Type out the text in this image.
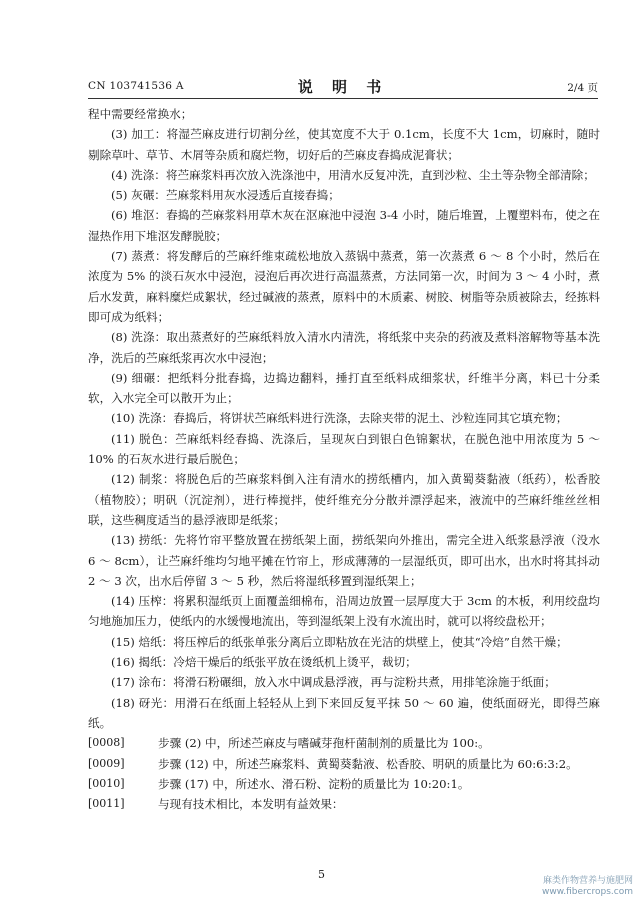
CN 103741536 A	说 明 书	2/4 页

程中需要经常换水；

(3) 加工：将湿苎麻皮进行切割分丝，使其宽度不大于 0.1cm，长度不大 1cm，切麻时，随时剔除草叶、草节、木屑等杂质和腐烂物，切好后的苎麻皮舂捣成泥膏状；

(4) 洗涤：将苎麻浆料再次放入洗涤池中，用清水反复冲洗，直到沙粒、尘土等杂物全部清除；

(5) 灰碾：苎麻浆料用灰水浸透后直接舂捣；

(6) 堆沤：舂捣的苎麻浆料用草木灰在沤麻池中浸泡 3-4 小时，随后堆置，上覆塑料布，使之在湿热作用下堆沤发酵脱胶；

(7) 蒸煮：将发酵后的苎麻纤维束疏松地放入蒸锅中蒸煮，第一次蒸煮 6 ～ 8 个小时，然后在浓度为 5% 的淡石灰水中浸泡，浸泡后再次进行高温蒸煮，方法同第一次，时间为 3 ～ 4 小时，煮后水发黄，麻料糜烂成絮状，经过碱液的蒸煮，原料中的木质素、树胶、树脂等杂质被除去，经拣料即可成为纸料；

(8) 洗涤：取出蒸煮好的苎麻纸料放入清水内清洗，将纸浆中夹杂的药液及煮料溶解物等基本洗净，洗后的苎麻纸浆再次水中浸泡；

(9) 细碾：把纸料分批舂捣，边捣边翻料，捶打直至纸料成细浆状，纤维半分离，料已十分柔软，入水完全可以散开为止；

(10) 洗涤：舂捣后，将饼状苎麻纸料进行洗涤，去除夹带的泥土、沙粒连同其它填充物；

(11) 脱色：苎麻纸料经舂捣、洗涤后，呈现灰白到银白色锦絮状，在脱色池中用浓度为 5 ～ 10% 的石灰水进行最后脱色；

(12) 制浆：将脱色后的苎麻浆料倒入注有清水的捞纸槽内，加入黄蜀葵黏液（纸药），松香胶（植物胶）；明矾（沉淀剂），进行棒搅拌，使纤维充分分散并漂浮起来，液流中的苎麻纤维丝丝相联，这些稠度适当的悬浮液即是纸浆；

(13) 捞纸：先将竹帘平整放置在捞纸架上面，捞纸架向外推出，需完全进入纸浆悬浮液（没水 6 ～ 8cm），让苎麻纤维均匀地平摊在竹帘上，形成薄薄的一层湿纸页，即可出水，出水时将其抖动 2 ～ 3 次，出水后停留 3 ～ 5 秒，然后将湿纸移置到湿纸架上；

(14) 压榨：将累积湿纸页上面覆盖细棉布，沿周边放置一层厚度大于 3cm 的木板，利用绞盘均匀地施加压力，使纸内的水缓慢地流出，等到湿纸架上没有水流出时，就可以将绞盘松开；

(15) 焙纸：将压榨后的纸张单张分离后立即粘放在光洁的烘壁上，使其“冷焙”自然干燥；

(16) 揭纸：冷焙干燥后的纸张平放在烫纸机上烫平，裁切；

(17) 涂布：将滑石粉碾细，放入水中调成悬浮液，再与淀粉共煮，用排笔涂施于纸面；

(18) 砑光：用滑石在纸面上轻轻从上到下来回反复平抹 50 ～ 60 遍，使纸面砑光，即得苎麻纸。

[0008]	步骤 (2) 中，所述苎麻皮与嗜碱芽孢杆菌制剂的质量比为 100:。
[0009]	步骤 (12) 中，所述苎麻浆料、黄蜀葵黏液、松香胶、明矾的质量比为 60:6:3:2。
[0010]	步骤 (17) 中，所述水、滑石粉、淀粉的质量比为 10:20:1。
[0011]	与现有技术相比，本发明有益效果：
5	麻类作物营养与施肥网
www.fibercrops.com
